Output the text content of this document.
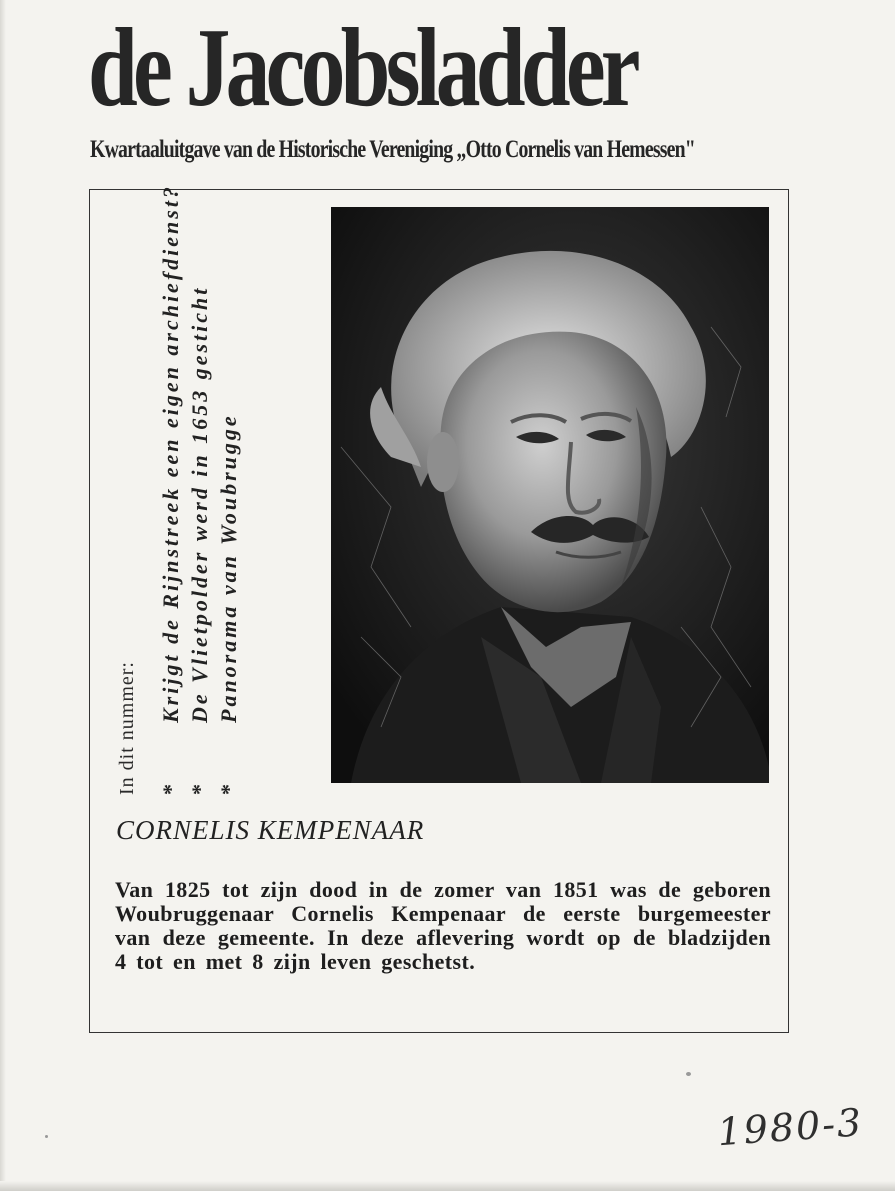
de Jacobsladder
Kwartaaluitgave van de Historische Vereniging „Otto Cornelis van Hemessen"
In dit nummer: *Krijgt de Rijnstreek een eigen archiefdienst?
*De Vlietpolder werd in 1653 gesticht
*Panorama van Woubrugge
CORNELIS KEMPENAAR
Van 1825 tot zijn dood in de zomer van 1851 was de geboren Woubruggenaar Cornelis Kempenaar de eerste burgemeester van deze gemeente. In deze aflevering wordt op de bladzijden 4 tot en met 8 zijn leven geschetst.
1980-3
